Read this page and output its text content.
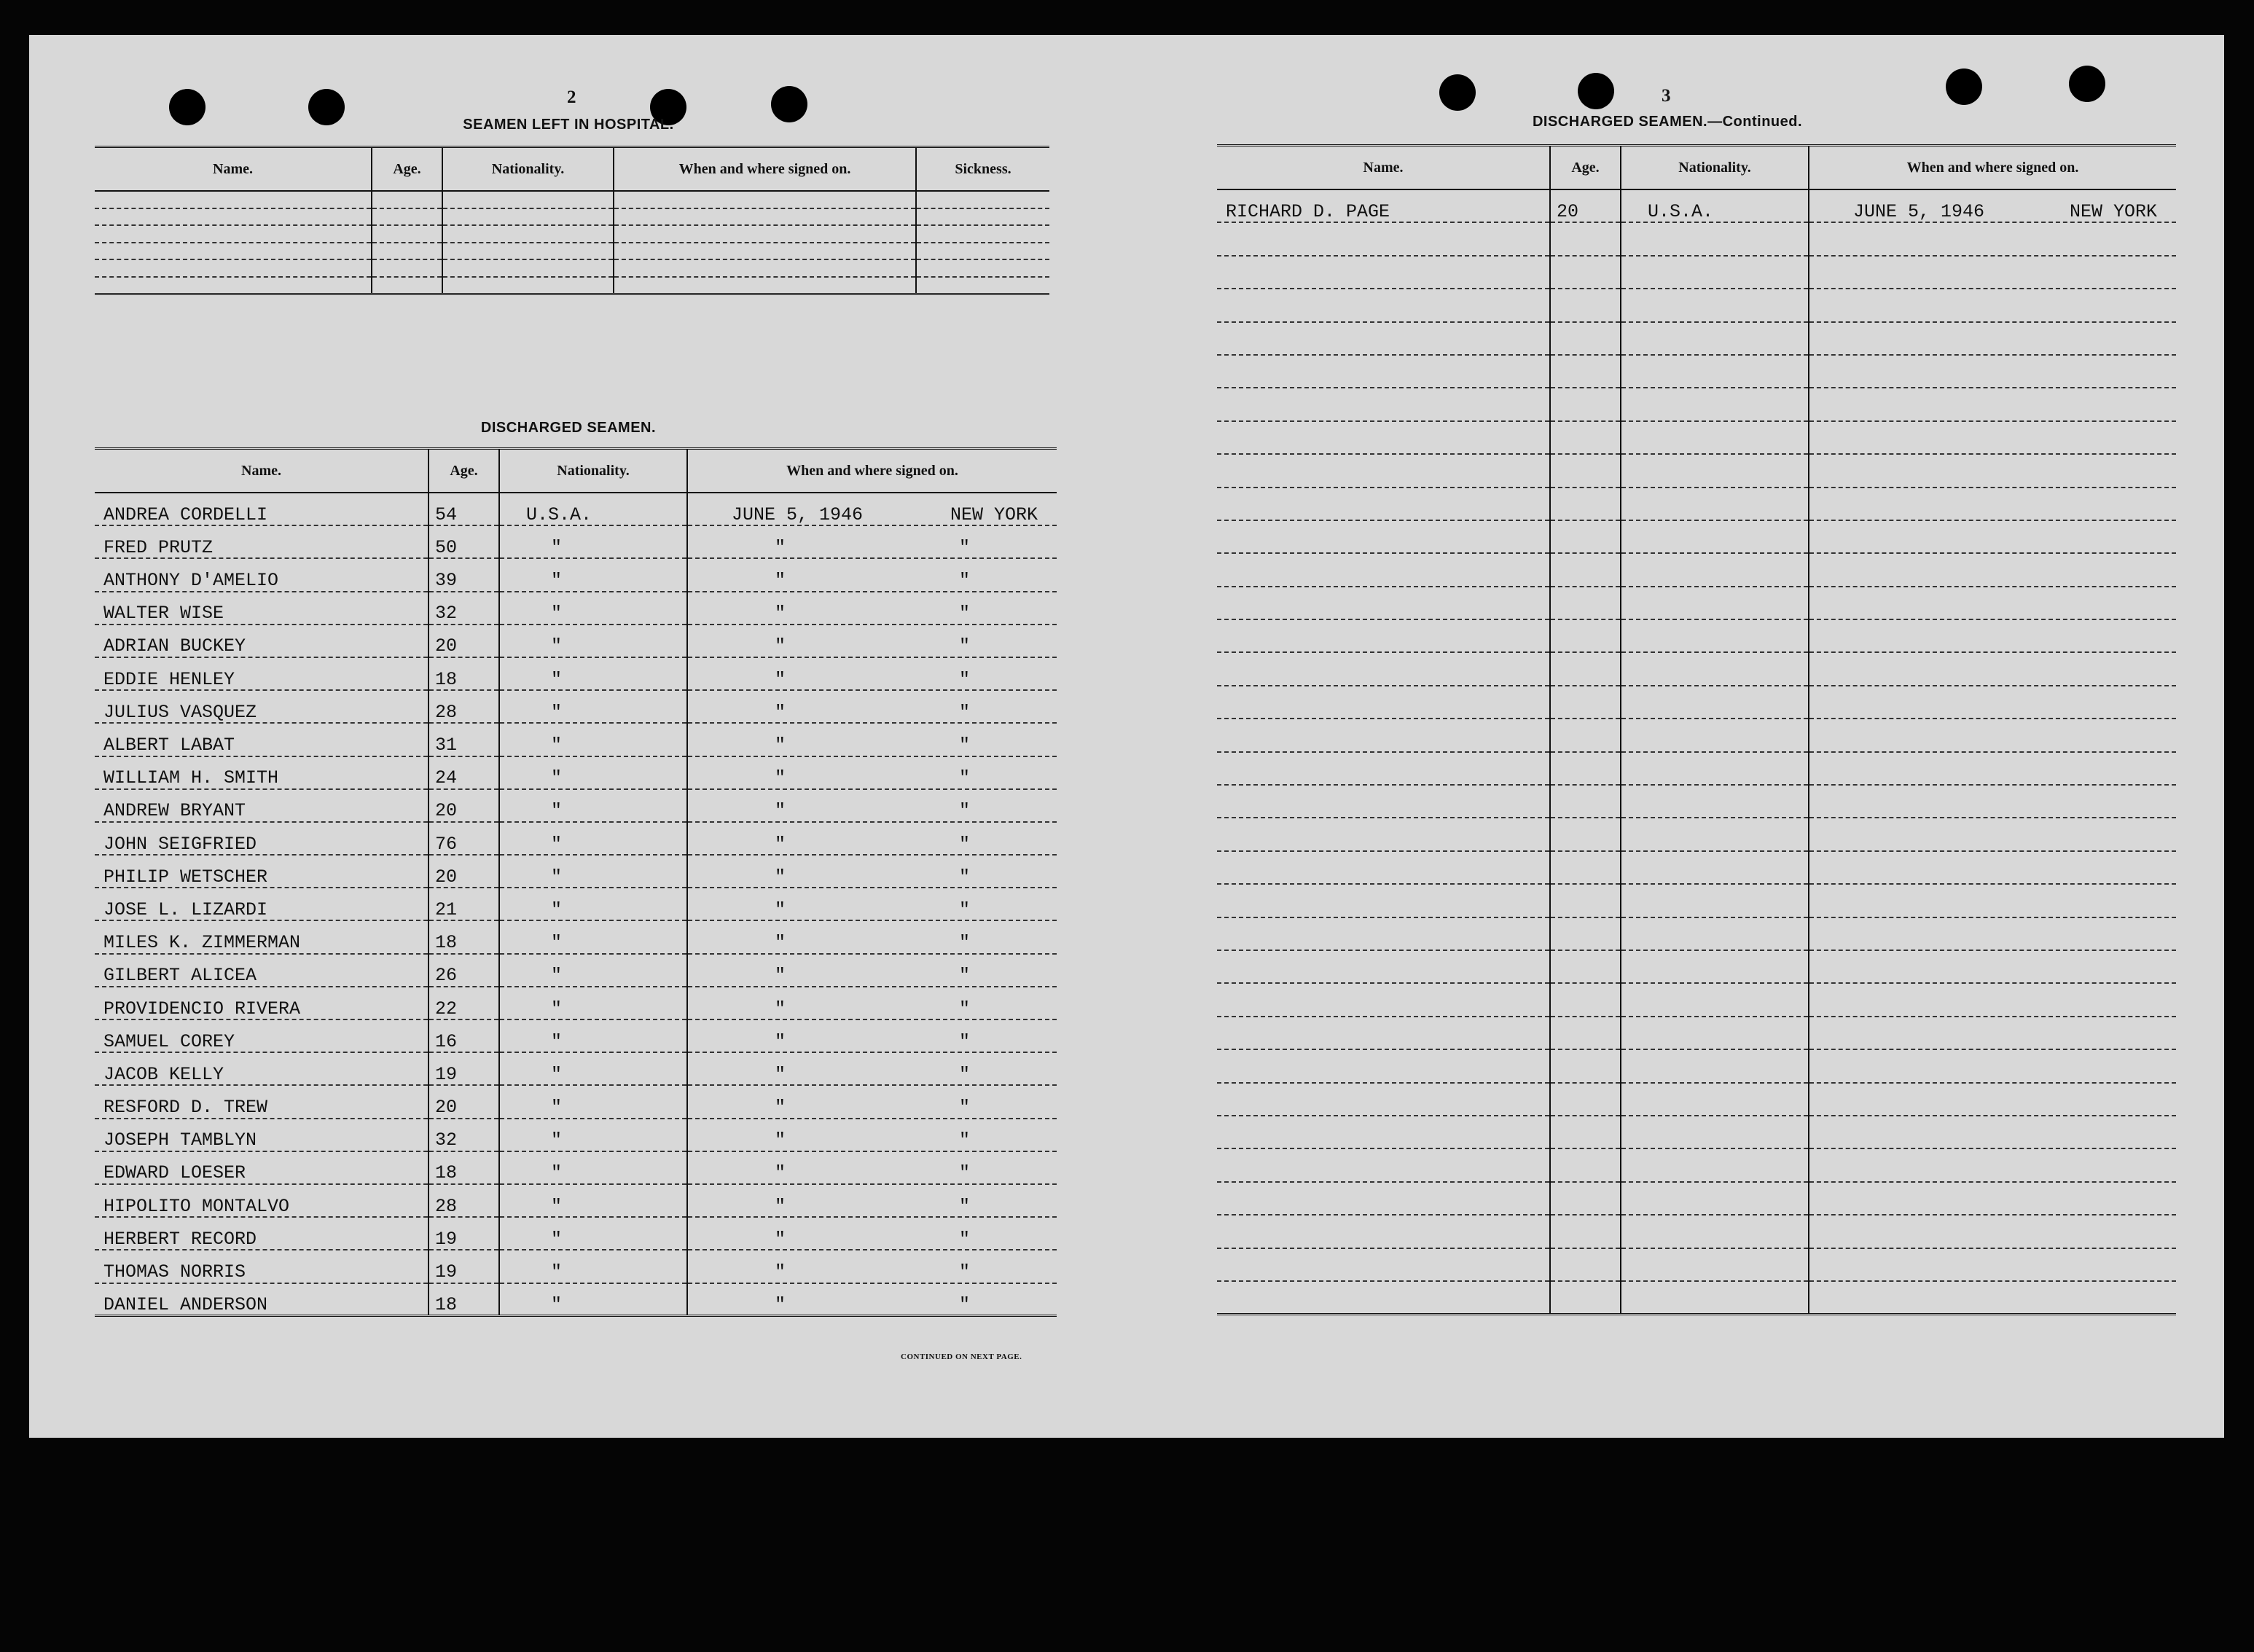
2
SEAMEN LEFT IN HOSPITAL.
Name.	Age.	Nationality.	When and where signed on.	Sickness.

DISCHARGED SEAMEN.
Name.	Age.	Nationality.	When and where signed on.
ANDREA CORDELLI	54	U.S.A.	JUNE 5, 1946 NEW YORK

FRED PRUTZ	50	"	" "

ANTHONY D'AMELIO	39	"	" "

WALTER WISE	32	"	" "

ADRIAN BUCKEY	20	"	" "

EDDIE HENLEY	18	"	" "

JULIUS VASQUEZ	28	"	" "

ALBERT LABAT	31	"	" "

WILLIAM H. SMITH	24	"	" "

ANDREW BRYANT	20	"	" "

JOHN SEIGFRIED	76	"	" "

PHILIP WETSCHER	20	"	" "

JOSE L. LIZARDI	21	"	" "

MILES K. ZIMMERMAN	18	"	" "

GILBERT ALICEA	26	"	" "

PROVIDENCIO RIVERA	22	"	" "

SAMUEL COREY	16	"	" "

JACOB KELLY	19	"	" "

RESFORD D. TREW	20	"	" "

JOSEPH TAMBLYN	32	"	" "

EDWARD LOESER	18	"	" "

HIPOLITO MONTALVO	28	"	" "

HERBERT RECORD	19	"	" "

THOMAS NORRIS	19	"	" "

DANIEL ANDERSON	18	"	" "
CONTINUED ON NEXT PAGE.
3
DISCHARGED SEAMEN.—Continued.
Name.	Age.	Nationality.	When and where signed on.
RICHARD D. PAGE	20	U.S.A.	JUNE 5, 1946 NEW YORK
